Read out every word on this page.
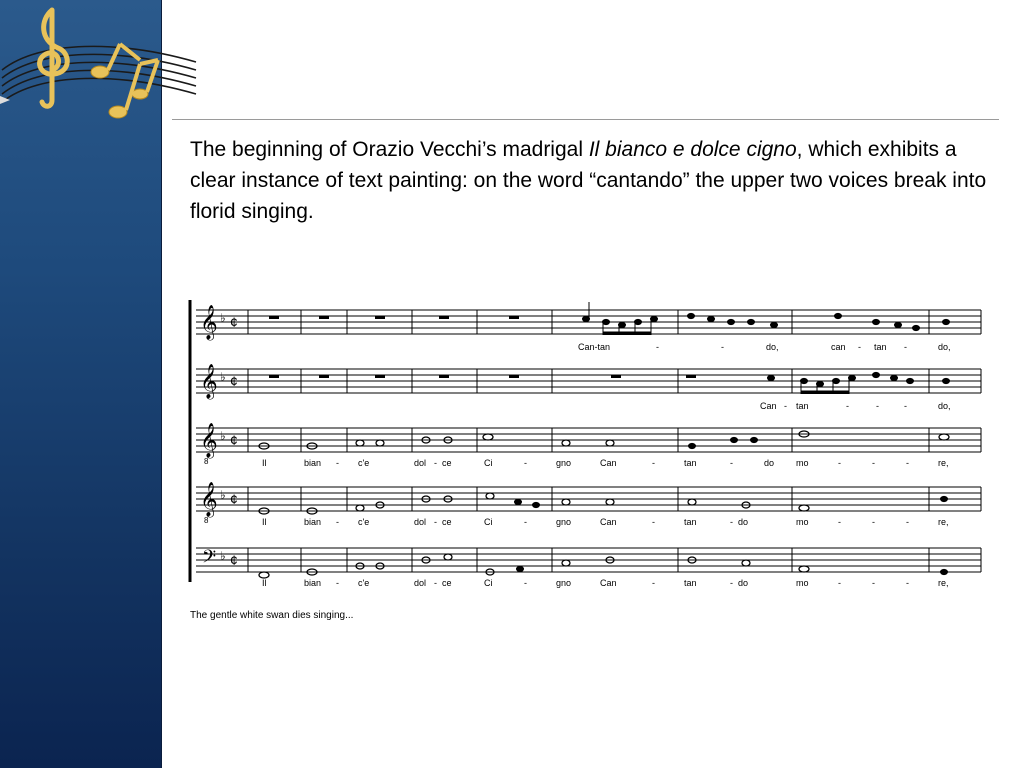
The beginning of Orazio Vecchi’s madrigal Il bianco e dolce cigno, which exhibits a clear instance of text painting: on the word “cantando” the upper two voices break into florid singing.
𝄞 ♭ ¢
Can-tan	-	-	do,	can - tan -	do,
𝄞 ♭ ¢
Can - tan	-	-	-	do,
𝄞
8
♭ ¢
Il	bian - c'e	dol - ce	Ci	-	gno	Can	-	tan	-	do mo	-	-	-	re,
𝄞
8
♭ ¢
Il	bian - c'e	dol - ce	Ci	-	gno	Can	-	tan	- do	mo	-	-	-	re,
𝄢 ♭ ¢
Il	bian - c'e	dol - ce	Ci	-	gno	Can	-	tan	- do	mo	-	-	-	re,
The gentle white swan dies singing...
